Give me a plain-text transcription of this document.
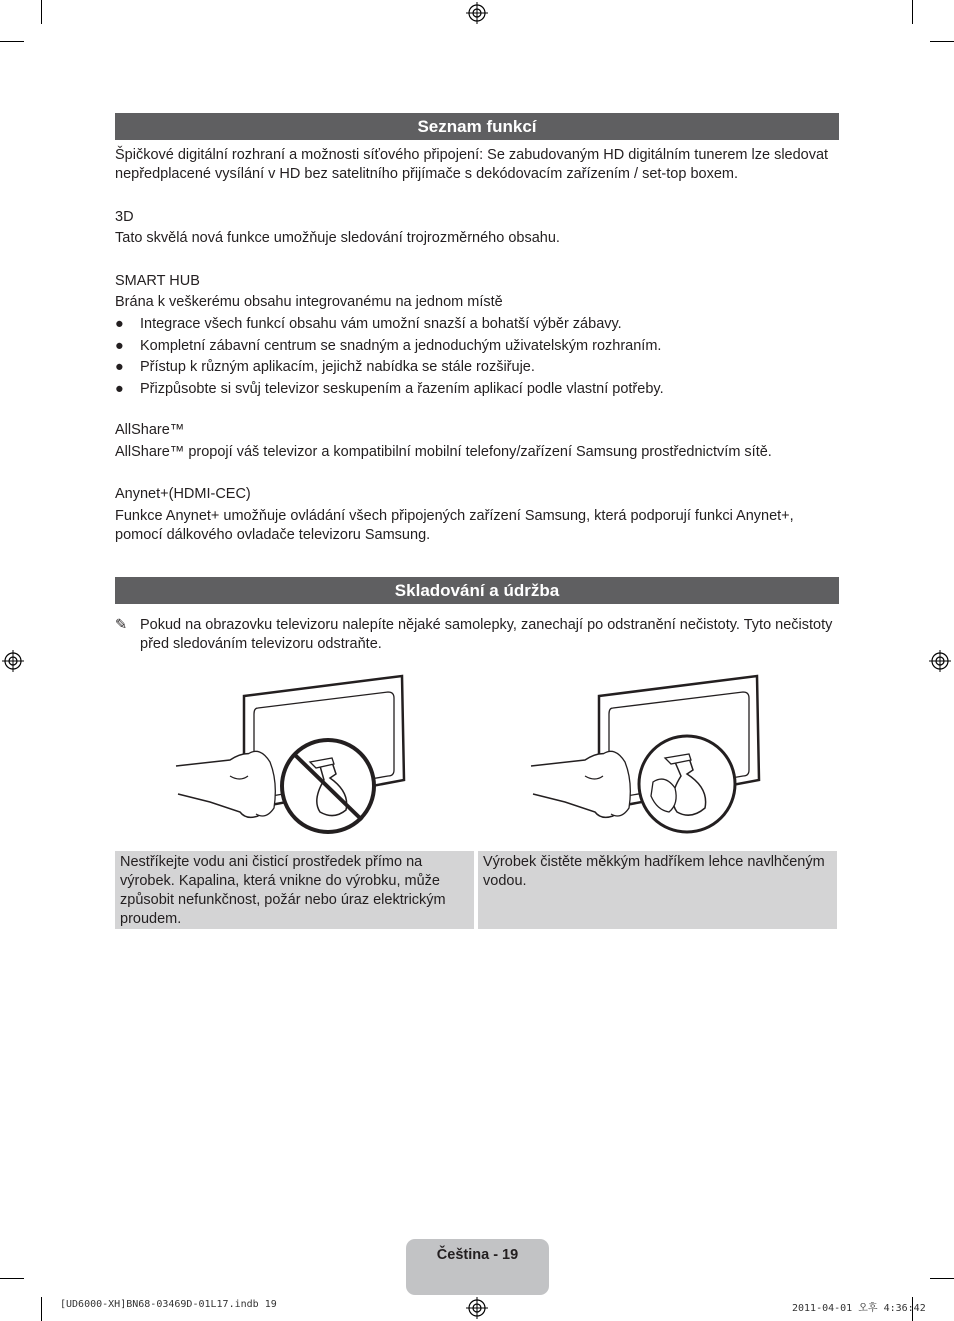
Seznam funkcí
Špičkové digitální rozhraní a možnosti síťového připojení: Se zabudovaným HD digitálním tunerem lze sledovat nepředplacené vysílání v HD bez satelitního přijímače s dekódovacím zařízením / set-top boxem.
3D
Tato skvělá nová funkce umožňuje sledování trojrozměrného obsahu.
SMART HUB
Brána k veškerému obsahu integrovanému na jednom místě
● Integrace všech funkcí obsahu vám umožní snazší a bohatší výběr zábavy.
● Kompletní zábavní centrum se snadným a jednoduchým uživatelským rozhraním.
● Přístup k různým aplikacím, jejichž nabídka se stále rozšiřuje.
● Přizpůsobte si svůj televizor seskupením a řazením aplikací podle vlastní potřeby.
AllShare™
AllShare™ propojí váš televizor a kompatibilní mobilní telefony/zařízení Samsung prostřednictvím sítě.
Anynet+(HDMI-CEC)
Funkce Anynet+ umožňuje ovládání všech připojených zařízení Samsung, která podporují funkci Anynet+, pomocí dálkového ovladače televizoru Samsung.
Skladování a údržba
✎ Pokud na obrazovku televizoru nalepíte nějaké samolepky, zanechají po odstranění nečistoty. Tyto nečistoty před sledováním televizoru odstraňte.
Nestříkejte vodu ani čisticí prostředek přímo na výrobek. Kapalina, která vnikne do výrobku, může způsobit nefunkčnost, požár nebo úraz elektrickým proudem.
Výrobek čistěte měkkým hadříkem lehce navlhčeným vodou.
Čeština - 19
[UD6000-XH]BN68-03469D-01L17.indb 19	2011-04-01 오후 4:36:42
